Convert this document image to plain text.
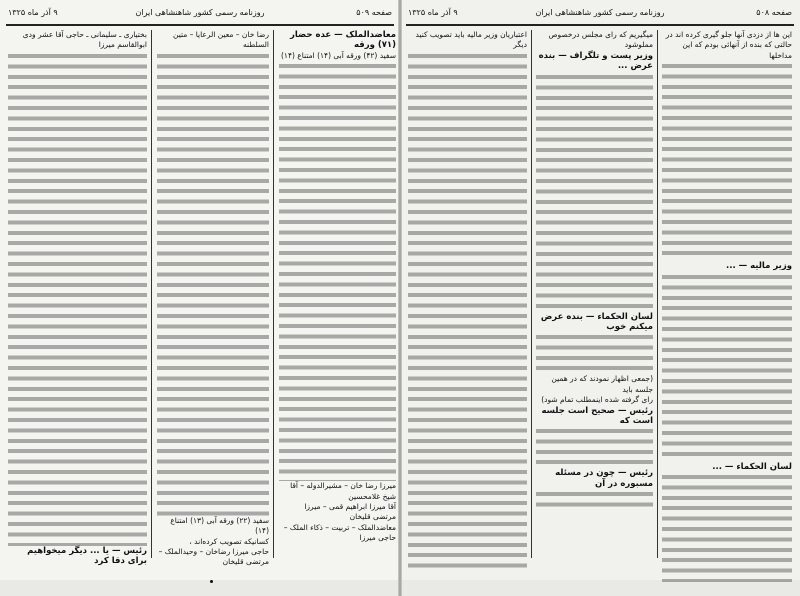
صفحه ۵۰۹
روزنامه رسمی کشور شاهنشاهی ایران
۹ آذر ماه ۱۳۲۵

معاضدالملک — عده حضار (۷۱) ورقه

سفید (۴۲) ورقه آبی (۱۴) امتناع (۱۴)

میرزا رضا خان – مشیرالدوله – آقا شیخ غلامحسین

آقا میرزا ابراهیم قمی – میرزا مرتضی قلیخان

معاضدالملک – تربیت – ذکاء الملک – حاجی میرزا

رضا خان – معین الرعایا – متین السلطنه

سفید (۲۲) ورقه آبی (۱۳) امتناع (۱۴)

کسانیکه تصویب کرده‌اند ،

حاجی میرزا رضاخان – وحیدالملک – مرتضی قلیخان

بختیاری ـ سلیمانی ـ حاجی آقا عشر ودی ابوالقاسم میرزا

رئیس — یا ... دیگر میخواهیم برای دقا کرد

صفحه ۵۰۸
روزنامه رسمی کشور شاهنشاهی ایران
۹ آذر ماه ۱۳۲۵

این ها از دزدی آنها جلو گیری کرده اند در

حالتی که بنده از آنهائی بودم که این مداخلها

وزیر مالیه — ...

لسان الحکماء — ...

میگیریم که رای مجلس درخصوص مملوشود

وزیر پست و تلگراف — بنده عرض ...

لسان الحکماء — بنده عرض میکنم خوب

(جمعی اظهار نمودند که در همین جلسه باید

رای گرفته شده اینمطلب تمام شود)

رئیس — صحیح است جلسه است که

رئیس — چون در مسئله مسبوره در آن

اعتباریان وزیر مالیه باید تصویب کنید دیگر
